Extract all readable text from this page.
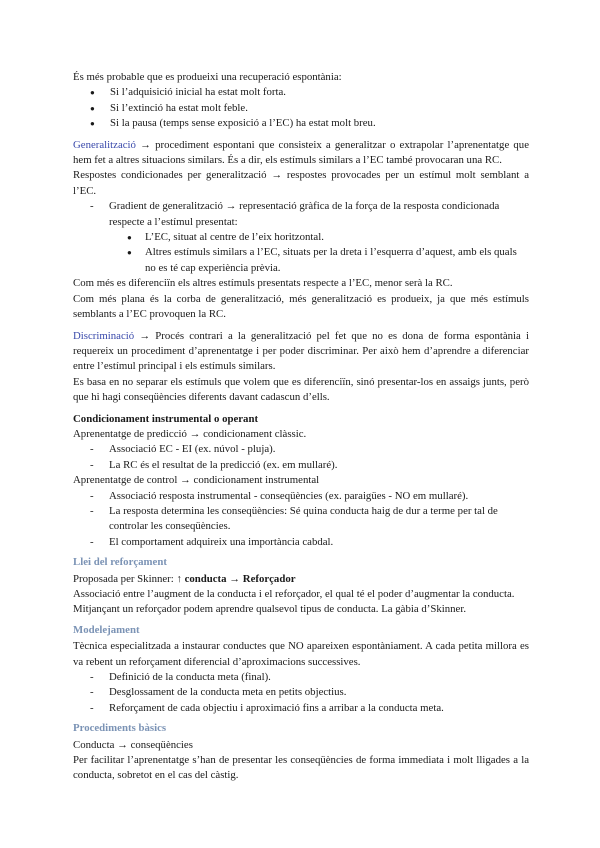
És més probable que es produeixi una recuperació espontània:

● Si l’adquisició inicial ha estat molt forta.
● Si l’extinció ha estat molt feble.
● Si la pausa (temps sense exposició a l’EC) ha estat molt breu.

Generalització → procediment espontani que consisteix a generalitzar o extrapolar l’aprenentatge que hem fet a altres situacions similars. És a dir, els estímuls similars a l’EC també provocaran una RC.

Respostes condicionades per generalització → respostes provocades per un estímul molt semblant a l’EC.

- Gradient de generalització → representació gràfica de la força de la resposta condicionada respecte a l’estímul presentat:
● L’EC, situat al centre de l’eix horitzontal.
● Altres estímuls similars a l’EC, situats per la dreta i l’esquerra d’aquest, amb els quals no es té cap experiència prèvia.

Com més es diferenciïn els altres estímuls presentats respecte a l’EC, menor serà la RC.

Com més plana és la corba de generalització, més generalització es produeix, ja que més estímuls semblants a l’EC provoquen la RC.

Discriminació → Procés contrari a la generalització pel fet que no es dona de forma espontània i requereix un procediment d’aprenentatge i per poder discriminar. Per això hem d’aprendre a diferenciar entre l’estímul principal i els estímuls similars.

Es basa en no separar els estímuls que volem que es diferenciïn, sinó presentar-los en assaigs junts, però que hi hagi conseqüències diferents davant cadascun d’ells.

Condicionament instrumental o operant

Aprenentatge de predicció → condicionament clàssic.

- Associació EC - EI (ex. núvol - pluja).
- La RC és el resultat de la predicció (ex. em mullaré).

Aprenentatge de control → condicionament instrumental

- Associació resposta instrumental - conseqüències (ex. paraigües - NO em mullaré).
- La resposta determina les conseqüències: Sé quina conducta haig de dur a terme per tal de controlar les conseqüències.
- El comportament adquireix una importància cabdal.

Llei del reforçament

Proposada per Skinner: ↑ conducta → Reforçador

Associació entre l’augment de la conducta i el reforçador, el qual té el poder d’augmentar la conducta.

Mitjançant un reforçador podem aprendre qualsevol tipus de conducta. La gàbia d’Skinner.

Modelejament

Tècnica especialitzada a instaurar conductes que NO apareixen espontàniament. A cada petita millora es va rebent un reforçament diferencial d’aproximacions successives.

- Definició de la conducta meta (final).
- Desglossament de la conducta meta en petits objectius.
- Reforçament de cada objectiu i aproximació fins a arribar a la conducta meta.

Procediments bàsics

Conducta → conseqüències

Per facilitar l’aprenentatge s’han de presentar les conseqüències de forma immediata i molt lligades a la conducta, sobretot en el cas del càstig.
